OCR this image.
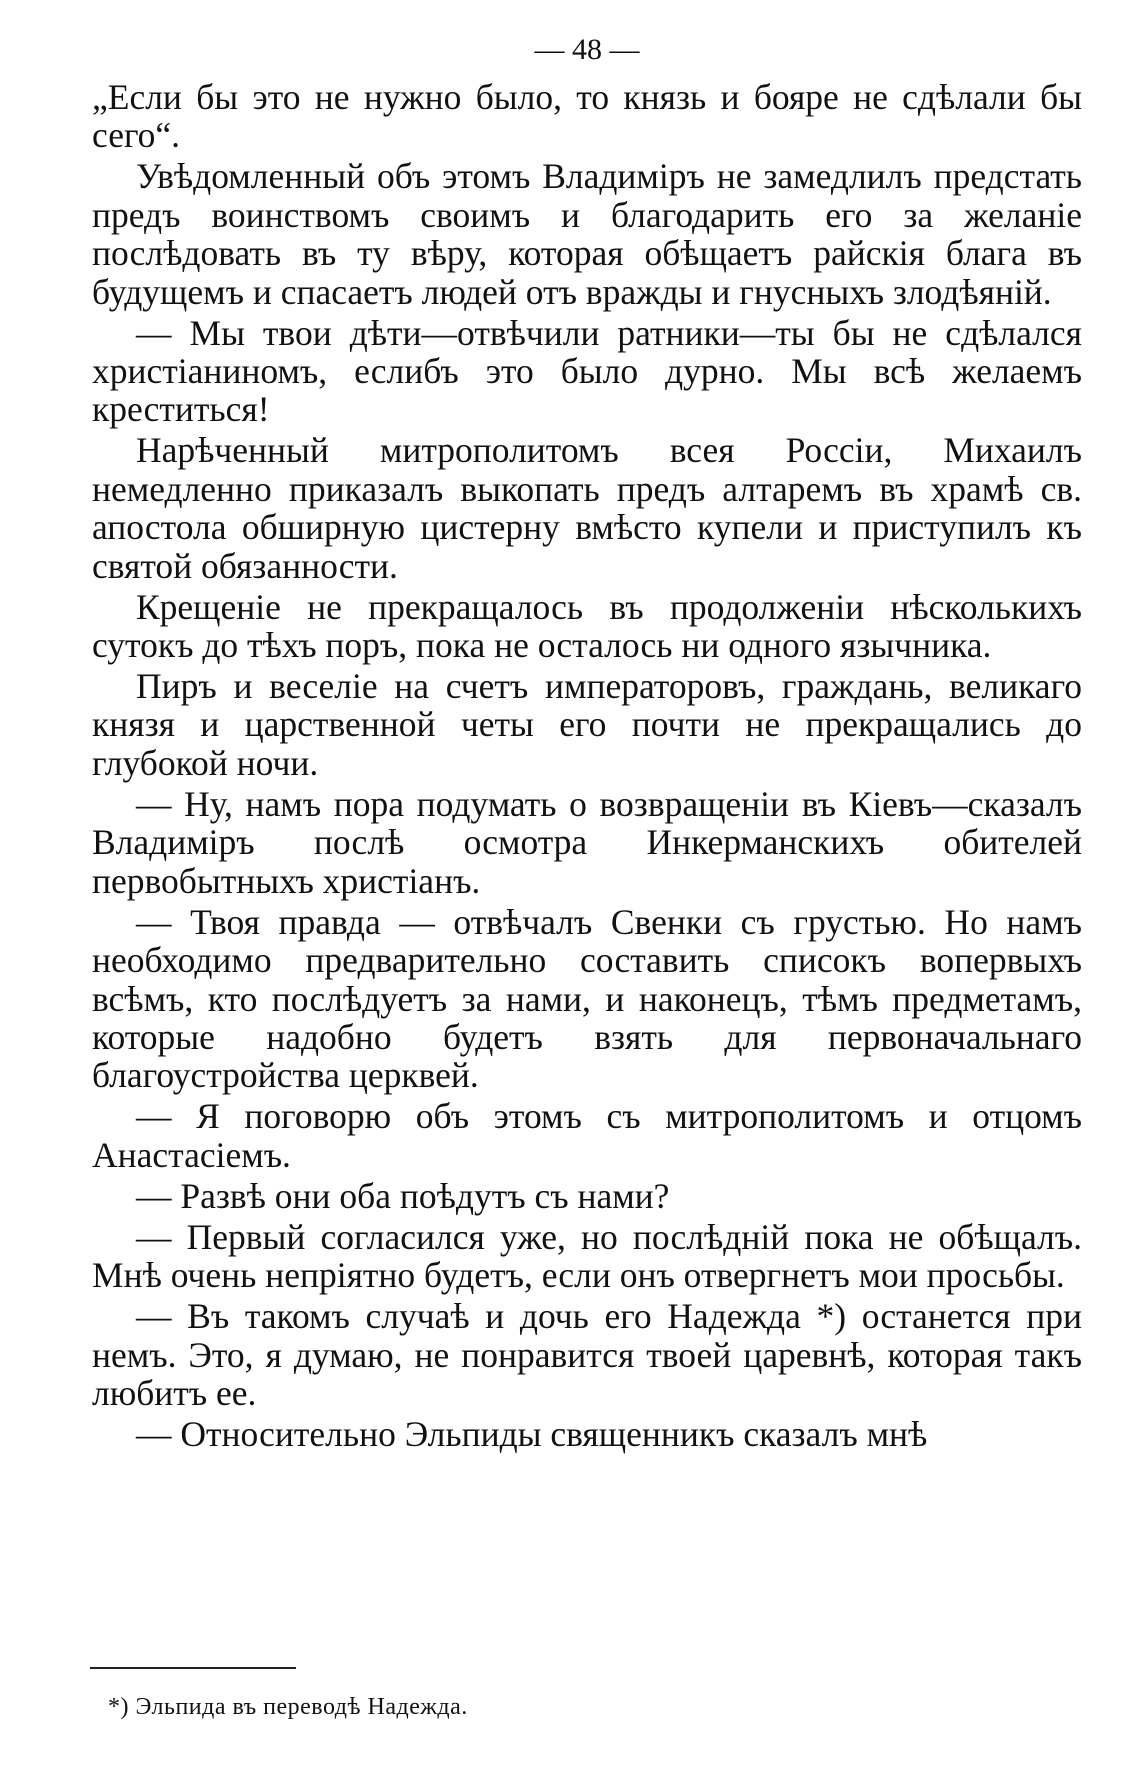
— 48 —

„Если бы это не нужно было, то князь и бояре не сдѣлали бы сего“.

Увѣдомленный объ этомъ Владиміръ не замедлилъ предстать предъ воинствомъ своимъ и благодарить его за желаніе послѣдовать въ ту вѣру, которая обѣщаетъ райскія блага въ будущемъ и спасаетъ людей отъ вражды и гнусныхъ злодѣяній.

— Мы твои дѣти—отвѣчили ратники—ты бы не сдѣлался христіаниномъ, еслибъ это было дурно. Мы всѣ желаемъ креститься!

Нарѣченный митрополитомъ всея Россіи, Михаилъ немедленно приказалъ выкопать предъ алтаремъ въ храмѣ св. апостола обширную цистерну вмѣсто купели и приступилъ къ святой обязанности.

Крещеніе не прекращалось въ продолженіи нѣсколькихъ сутокъ до тѣхъ поръ, пока не осталось ни одного язычника.

Пиръ и веселіе на счетъ императоровъ, граждань, великаго князя и царственной четы его почти не прекращались до глубокой ночи.

— Ну, намъ пора подумать о возвращеніи въ Кіевъ—сказалъ Владиміръ послѣ осмотра Инкерманскихъ обителей первобытныхъ христіанъ.

— Твоя правда — отвѣчалъ Свенки съ грустью. Но намъ необходимо предварительно составить списокъ вопервыхъ всѣмъ, кто послѣдуетъ за нами, и наконецъ, тѣмъ предметамъ, которые надобно будетъ взять для первоначальнаго благоустройства церквей.

— Я поговорю объ этомъ съ митрополитомъ и отцомъ Анастасіемъ.

— Развѣ они оба поѣдутъ съ нами?

— Первый согласился уже, но послѣдній пока не обѣщалъ. Мнѣ очень непріятно будетъ, если онъ отвергнетъ мои просьбы.

— Въ такомъ случаѣ и дочь его Надежда *) останется при немъ. Это, я думаю, не понравится твоей царевнѣ, которая такъ любитъ ее.

— Относительно Эльпиды священникъ сказалъ мнѣ

*) Эльпида въ переводѣ Надежда.
